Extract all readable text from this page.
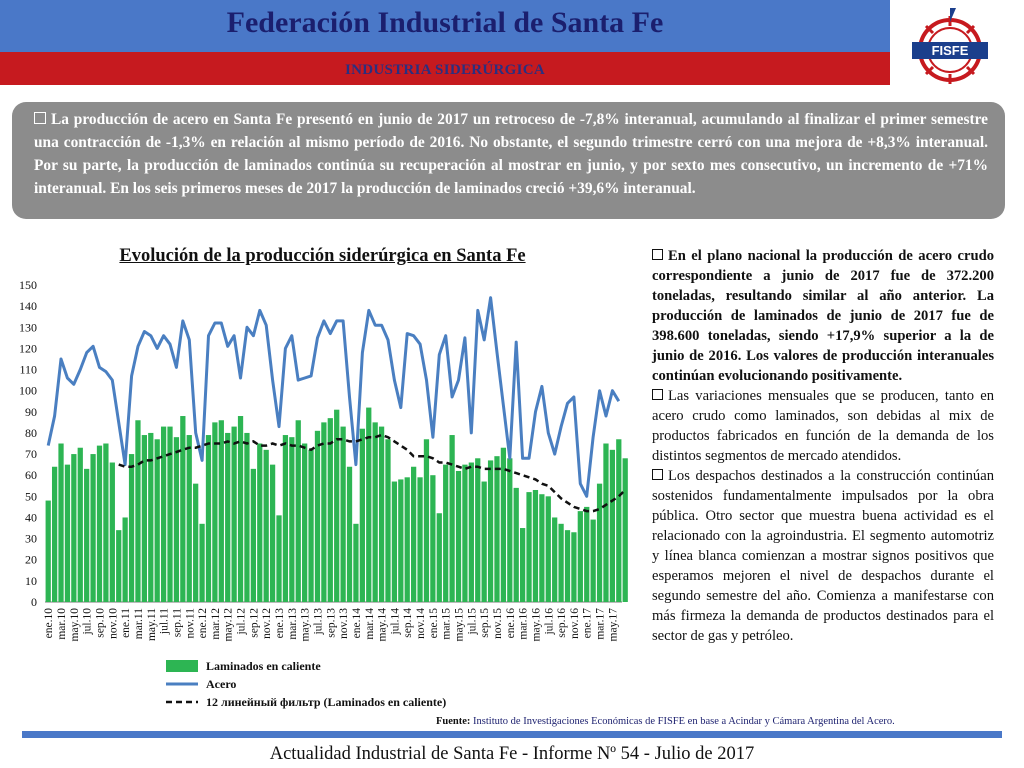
Federación Industrial de Santa Fe
INDUSTRIA SIDERÚRGICA
FISFE
La producción de acero en Santa Fe presentó en junio de 2017 un retroceso de -7,8% interanual, acumulando al finalizar el primer semestre una contracción de -1,3% en relación al mismo período de 2016. No obstante, el segundo trimestre cerró con una mejora de +8,3% interanual. Por su parte, la producción de laminados continúa su recuperación al mostrar en junio, y por sexto mes consecutivo, un incremento de +71% interanual. En los seis primeros meses de 2017 la producción de laminados creció +39,6% interanual.
Evolución de la producción siderúrgica en Santa Fe
0
10
20
30
40
50
60
70
80
90
100
110
120
130
140
150
ene.10 mar.10 may.10 jul.10 sep.10 nov.10 ene.11 mar.11 may.11 jul.11 sep.11 nov.11 ene.12 mar.12 may.12 jul.12 sep.12 nov.12 ene.13 mar.13 may.13 jul.13 sep.13 nov.13 ene.14 mar.14 may.14 jul.14 sep.14 nov.14 ene.15 mar.15 may.15 jul.15 sep.15 nov.15 ene.16 mar.16 may.16 jul.16 sep.16 nov.16 ene.17 mar.17 may.17
Laminados en caliente
Acero
12 линейный фильтр (Laminados en caliente)

En el plano nacional la producción de acero crudo correspondiente a junio de 2017 fue de 372.200 toneladas, resultando similar al año anterior. La producción de laminados de junio de 2017 fue de 398.600 toneladas, siendo +17,9% superior a la de junio de 2016. Los valores de producción interanuales continúan evolucionando positivamente.

Las variaciones mensuales que se producen, tanto en acero crudo como laminados, son debidas al mix de productos fabricados en función de la demanda de los distintos segmentos de mercado atendidos.

Los despachos destinados a la construcción continúan sostenidos fundamentalmente impulsados por la obra pública. Otro sector que muestra buena actividad es el relacionado con la agroindustria. El segmento automotriz y línea blanca comienzan a mostrar signos positivos que esperamos mejoren el nivel de despachos durante el segundo semestre del año. Comienza a manifestarse con más firmeza la demanda de productos destinados para el sector de gas y petróleo.

Fuente: Instituto de Investigaciones Económicas de FISFE en base a Acindar y Cámara Argentina del Acero.
Actualidad Industrial de Santa Fe - Informe Nº 54 - Julio de 2017
